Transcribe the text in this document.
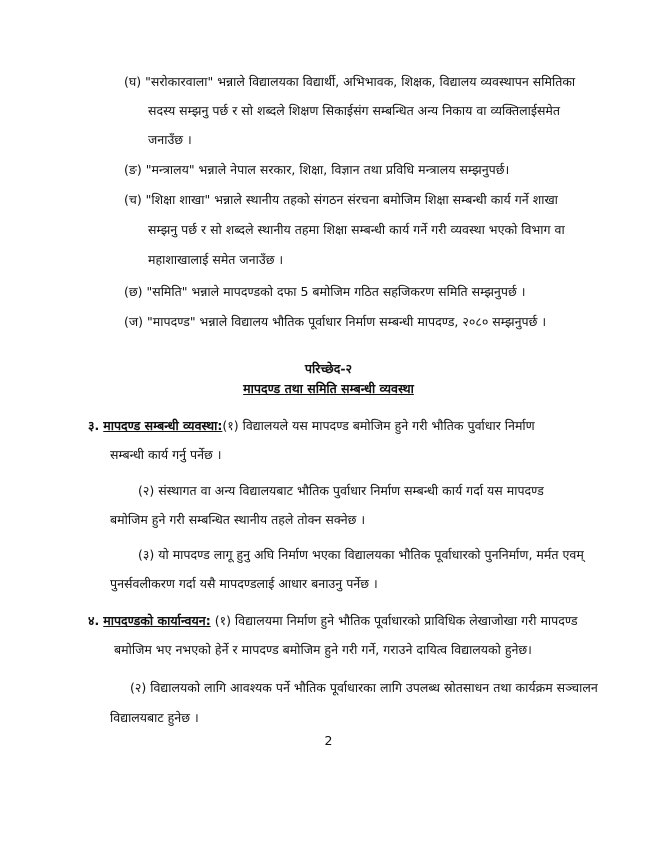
(घ) "सरोकारवाला" भन्नाले विद्यालयका विद्यार्थी, अभिभावक, शिक्षक, विद्यालय व्यवस्थापन समितिका
सदस्य सम्झनु पर्छ र सो शब्दले शिक्षण सिकाईसंग सम्बन्धित अन्य निकाय वा व्यक्तिलाईसमेत
जनाउँछ ।
(ङ) "मन्त्रालय" भन्नाले नेपाल सरकार, शिक्षा, विज्ञान तथा प्रविधि मन्त्रालय सम्झनुपर्छ।
(च) "शिक्षा शाखा" भन्नाले स्थानीय तहको संगठन संरचना बमोजिम शिक्षा सम्बन्धी कार्य गर्ने शाखा
सम्झनु पर्छ र सो शब्दले स्थानीय तहमा शिक्षा सम्बन्धी कार्य गर्ने गरी व्यवस्था भएको विभाग वा
महाशाखालाई समेत जनाउँछ ।
(छ) "समिति" भन्नाले मापदण्डको दफा 5 बमोजिम गठित सहजिकरण समिति सम्झनुपर्छ ।
(ज) "मापदण्ड" भन्नाले विद्यालय भौतिक पूर्वाधार निर्माण सम्बन्धी मापदण्ड, २०८० सम्झनुपर्छ ।
परिच्छेद-२
मापदण्ड तथा समिति सम्बन्धी व्यवस्था
३. मापदण्ड सम्बन्धी व्यवस्था:(१) विद्यालयले यस मापदण्ड बमोजिम हुने गरी भौतिक पुर्वाधार निर्माण
सम्बन्धी कार्य गर्नु पर्नेछ ।
(२) संस्थागत वा अन्य विद्यालयबाट भौतिक पुर्वाधार निर्माण सम्बन्धी कार्य गर्दा यस मापदण्ड
बमोजिम हुने गरी सम्बन्धित स्थानीय तहले तोक्न सक्नेछ ।
(३) यो मापदण्ड लागू हुनु अघि निर्माण भएका विद्यालयका भौतिक पूर्वाधारको पुननिर्माण, मर्मत एवम्
पुनर्सवलीकरण गर्दा यसै मापदण्डलाई आधार बनाउनु पर्नेछ ।
४. मापदण्डको कार्यान्वयन: (१) विद्यालयमा निर्माण हुने भौतिक पूर्वाधारको प्राविधिक लेखाजोखा गरी मापदण्ड
बमोजिम भए नभएको हेर्ने र मापदण्ड बमोजिम हुने गरी गर्ने, गराउने दायित्व विद्यालयको हुनेछ।
(२) विद्यालयको लागि आवश्यक पर्ने भौतिक पूर्वाधारका लागि उपलब्ध स्रोतसाधन तथा कार्यक्रम सञ्चालन
विद्यालयबाट हुनेछ ।
2
